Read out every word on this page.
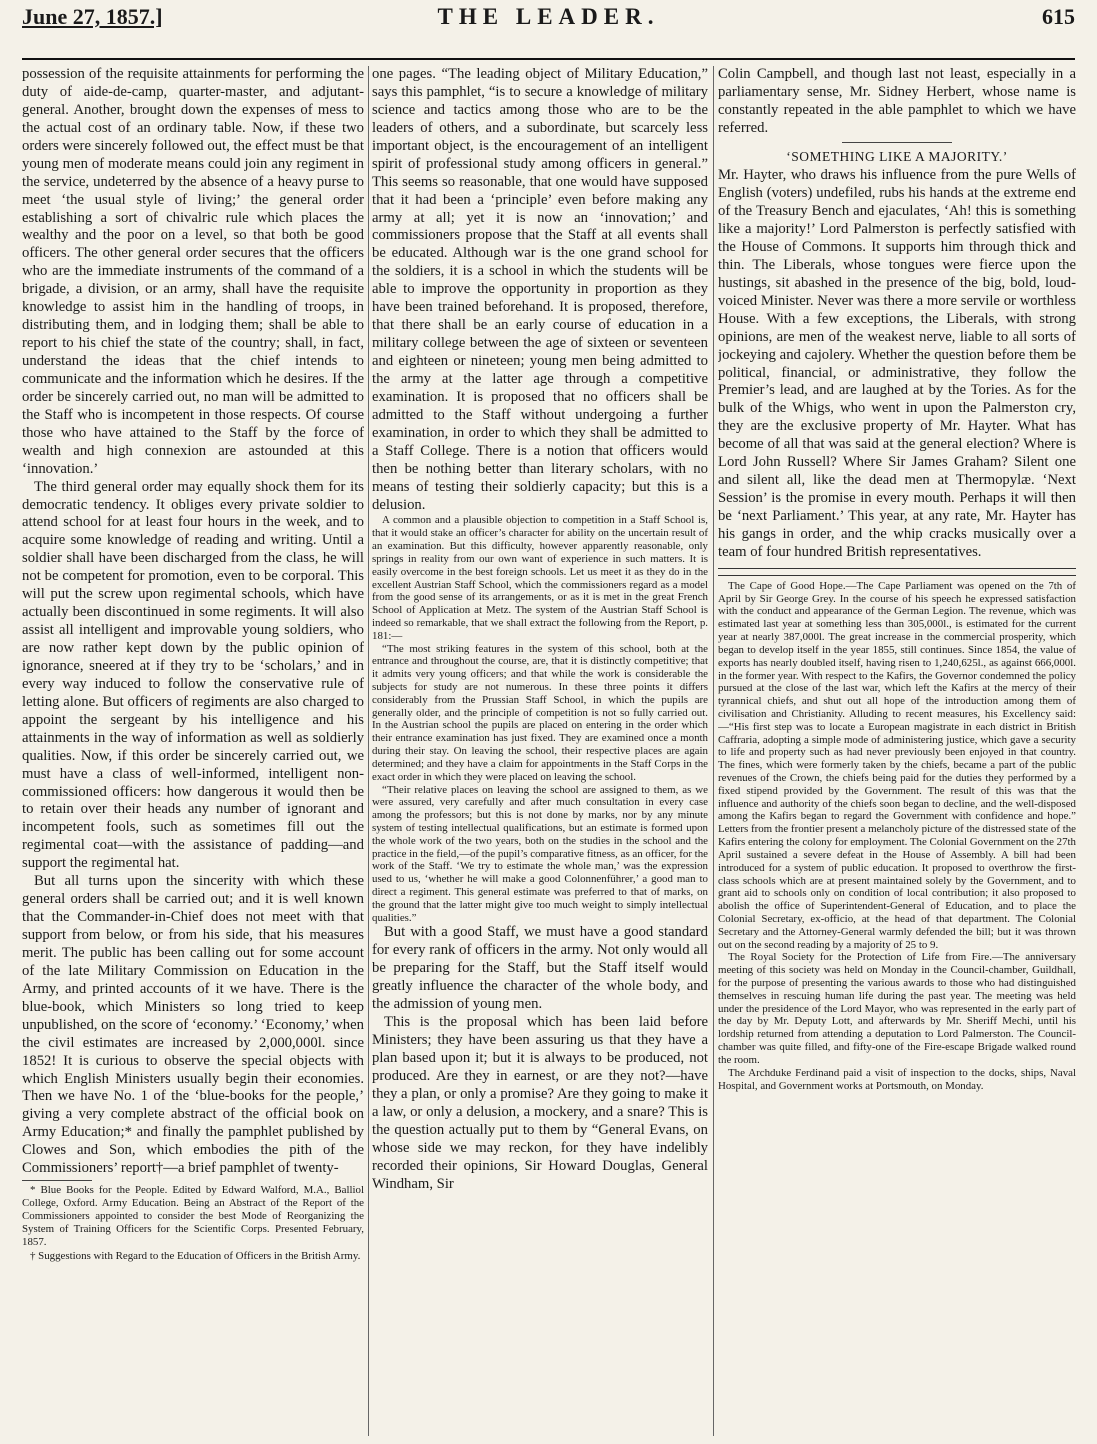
June 27, 1857.]	THE LEADER.	615

possession of the requisite attainments for performing the duty of aide-de-camp, quarter-master, and adjutant-general. Another, brought down the expenses of mess to the actual cost of an ordinary table. Now, if these two orders were sincerely followed out, the effect must be that young men of moderate means could join any regiment in the service, undeterred by the absence of a heavy purse to meet ‘the usual style of living;’ the general order establishing a sort of chivalric rule which places the wealthy and the poor on a level, so that both be good officers. The other general order secures that the officers who are the immediate instruments of the command of a brigade, a division, or an army, shall have the requisite knowledge to assist him in the handling of troops, in distributing them, and in lodging them; shall be able to report to his chief the state of the country; shall, in fact, understand the ideas that the chief intends to communicate and the information which he desires. If the order be sincerely carried out, no man will be admitted to the Staff who is incompetent in those respects. Of course those who have attained to the Staff by the force of wealth and high connexion are astounded at this ‘innovation.’

The third general order may equally shock them for its democratic tendency. It obliges every private soldier to attend school for at least four hours in the week, and to acquire some knowledge of reading and writing. Until a soldier shall have been discharged from the class, he will not be competent for promotion, even to be corporal. This will put the screw upon regimental schools, which have actually been discontinued in some regiments. It will also assist all intelligent and improvable young soldiers, who are now rather kept down by the public opinion of ignorance, sneered at if they try to be ‘scholars,’ and in every way induced to follow the conservative rule of letting alone. But officers of regiments are also charged to appoint the sergeant by his intelligence and his attainments in the way of information as well as soldierly qualities. Now, if this order be sincerely carried out, we must have a class of well-informed, intelligent non-commissioned officers: how dangerous it would then be to retain over their heads any number of ignorant and incompetent fools, such as sometimes fill out the regimental coat—with the assistance of padding—and support the regimental hat.

But all turns upon the sincerity with which these general orders shall be carried out; and it is well known that the Commander-in-Chief does not meet with that support from below, or from his side, that his measures merit. The public has been calling out for some account of the late Military Commission on Education in the Army, and printed accounts of it we have. There is the blue-book, which Ministers so long tried to keep unpublished, on the score of ‘economy.’ ‘Economy,’ when the civil estimates are increased by 2,000,000l. since 1852! It is curious to observe the special objects with which English Ministers usually begin their economies. Then we have No. 1 of the ‘blue-books for the people,’ giving a very complete abstract of the official book on Army Education;* and finally the pamphlet published by Clowes and Son, which embodies the pith of the Commissioners’ report†—a brief pamphlet of twenty-

* Blue Books for the People. Edited by Edward Walford, M.A., Balliol College, Oxford. Army Education. Being an Abstract of the Report of the Commissioners appointed to consider the best Mode of Reorganizing the System of Training Officers for the Scientific Corps. Presented February, 1857.

† Suggestions with Regard to the Education of Officers in the British Army.

one pages. “The leading object of Military Education,” says this pamphlet, “is to secure a knowledge of military science and tactics among those who are to be the leaders of others, and a subordinate, but scarcely less important object, is the encouragement of an intelligent spirit of professional study among officers in general.” This seems so reasonable, that one would have supposed that it had been a ‘principle’ even before making any army at all; yet it is now an ‘innovation;’ and commissioners propose that the Staff at all events shall be educated. Although war is the one grand school for the soldiers, it is a school in which the students will be able to improve the opportunity in proportion as they have been trained beforehand. It is proposed, therefore, that there shall be an early course of education in a military college between the age of sixteen or seventeen and eighteen or nineteen; young men being admitted to the army at the latter age through a competitive examination. It is proposed that no officers shall be admitted to the Staff without undergoing a further examination, in order to which they shall be admitted to a Staff College. There is a notion that officers would then be nothing better than literary scholars, with no means of testing their soldierly capacity; but this is a delusion.

A common and a plausible objection to competition in a Staff School is, that it would stake an officer’s character for ability on the uncertain result of an examination. But this difficulty, however apparently reasonable, only springs in reality from our own want of experience in such matters. It is easily overcome in the best foreign schools. Let us meet it as they do in the excellent Austrian Staff School, which the commissioners regard as a model from the good sense of its arrangements, or as it is met in the great French School of Application at Metz. The system of the Austrian Staff School is indeed so remarkable, that we shall extract the following from the Report, p. 181:—

“The most striking features in the system of this school, both at the entrance and throughout the course, are, that it is distinctly competitive; that it admits very young officers; and that while the work is considerable the subjects for study are not numerous. In these three points it differs considerably from the Prussian Staff School, in which the pupils are generally older, and the principle of competition is not so fully carried out. In the Austrian school the pupils are placed on entering in the order which their entrance examination has just fixed. They are examined once a month during their stay. On leaving the school, their respective places are again determined; and they have a claim for appointments in the Staff Corps in the exact order in which they were placed on leaving the school.

“Their relative places on leaving the school are assigned to them, as we were assured, very carefully and after much consultation in every case among the professors; but this is not done by marks, nor by any minute system of testing intellectual qualifications, but an estimate is formed upon the whole work of the two years, both on the studies in the school and the practice in the field,—of the pupil’s comparative fitness, as an officer, for the work of the Staff. ‘We try to estimate the whole man,’ was the expression used to us, ‘whether he will make a good Colonnenführer,’ a good man to direct a regiment. This general estimate was preferred to that of marks, on the ground that the latter might give too much weight to simply intellectual qualities.”

But with a good Staff, we must have a good standard for every rank of officers in the army. Not only would all be preparing for the Staff, but the Staff itself would greatly influence the character of the whole body, and the admission of young men.

This is the proposal which has been laid before Ministers; they have been assuring us that they have a plan based upon it; but it is always to be produced, not produced. Are they in earnest, or are they not?—have they a plan, or only a promise? Are they going to make it a law, or only a delusion, a mockery, and a snare? This is the question actually put to them by “General Evans, on whose side we may reckon, for they have indelibly recorded their opinions, Sir Howard Douglas, General Windham, Sir

Colin Campbell, and though last not least, especially in a parliamentary sense, Mr. Sidney Herbert, whose name is constantly repeated in the able pamphlet to which we have referred.

‘SOMETHING LIKE A MAJORITY.’

Mr. Hayter, who draws his influence from the pure Wells of English (voters) undefiled, rubs his hands at the extreme end of the Treasury Bench and ejaculates, ‘Ah! this is something like a majority!’ Lord Palmerston is perfectly satisfied with the House of Commons. It supports him through thick and thin. The Liberals, whose tongues were fierce upon the hustings, sit abashed in the presence of the big, bold, loud-voiced Minister. Never was there a more servile or worthless House. With a few exceptions, the Liberals, with strong opinions, are men of the weakest nerve, liable to all sorts of jockeying and cajolery. Whether the question before them be political, financial, or administrative, they follow the Premier’s lead, and are laughed at by the Tories. As for the bulk of the Whigs, who went in upon the Palmerston cry, they are the exclusive property of Mr. Hayter. What has become of all that was said at the general election? Where is Lord John Russell? Where Sir James Graham? Silent one and silent all, like the dead men at Thermopylæ. ‘Next Session’ is the promise in every mouth. Perhaps it will then be ‘next Parliament.’ This year, at any rate, Mr. Hayter has his gangs in order, and the whip cracks musically over a team of four hundred British representatives.

The Cape of Good Hope.—The Cape Parliament was opened on the 7th of April by Sir George Grey. In the course of his speech he expressed satisfaction with the conduct and appearance of the German Legion. The revenue, which was estimated last year at something less than 305,000l., is estimated for the current year at nearly 387,000l. The great increase in the commercial prosperity, which began to develop itself in the year 1855, still continues. Since 1854, the value of exports has nearly doubled itself, having risen to 1,240,625l., as against 666,000l. in the former year. With respect to the Kafirs, the Governor condemned the policy pursued at the close of the last war, which left the Kafirs at the mercy of their tyrannical chiefs, and shut out all hope of the introduction among them of civilisation and Christianity. Alluding to recent measures, his Excellency said:—“His first step was to locate a European magistrate in each district in British Caffraria, adopting a simple mode of administering justice, which gave a security to life and property such as had never previously been enjoyed in that country. The fines, which were formerly taken by the chiefs, became a part of the public revenues of the Crown, the chiefs being paid for the duties they performed by a fixed stipend provided by the Government. The result of this was that the influence and authority of the chiefs soon began to decline, and the well-disposed among the Kafirs began to regard the Government with confidence and hope.” Letters from the frontier present a melancholy picture of the distressed state of the Kafirs entering the colony for employment. The Colonial Government on the 27th April sustained a severe defeat in the House of Assembly. A bill had been introduced for a system of public education. It proposed to overthrow the first-class schools which are at present maintained solely by the Government, and to grant aid to schools only on condition of local contribution; it also proposed to abolish the office of Superintendent-General of Education, and to place the Colonial Secretary, ex-officio, at the head of that department. The Colonial Secretary and the Attorney-General warmly defended the bill; but it was thrown out on the second reading by a majority of 25 to 9.

The Royal Society for the Protection of Life from Fire.—The anniversary meeting of this society was held on Monday in the Council-chamber, Guildhall, for the purpose of presenting the various awards to those who had distinguished themselves in rescuing human life during the past year. The meeting was held under the presidence of the Lord Mayor, who was represented in the early part of the day by Mr. Deputy Lott, and afterwards by Mr. Sheriff Mechi, until his lordship returned from attending a deputation to Lord Palmerston. The Council-chamber was quite filled, and fifty-one of the Fire-escape Brigade walked round the room.

The Archduke Ferdinand paid a visit of inspection to the docks, ships, Naval Hospital, and Government works at Portsmouth, on Monday.
